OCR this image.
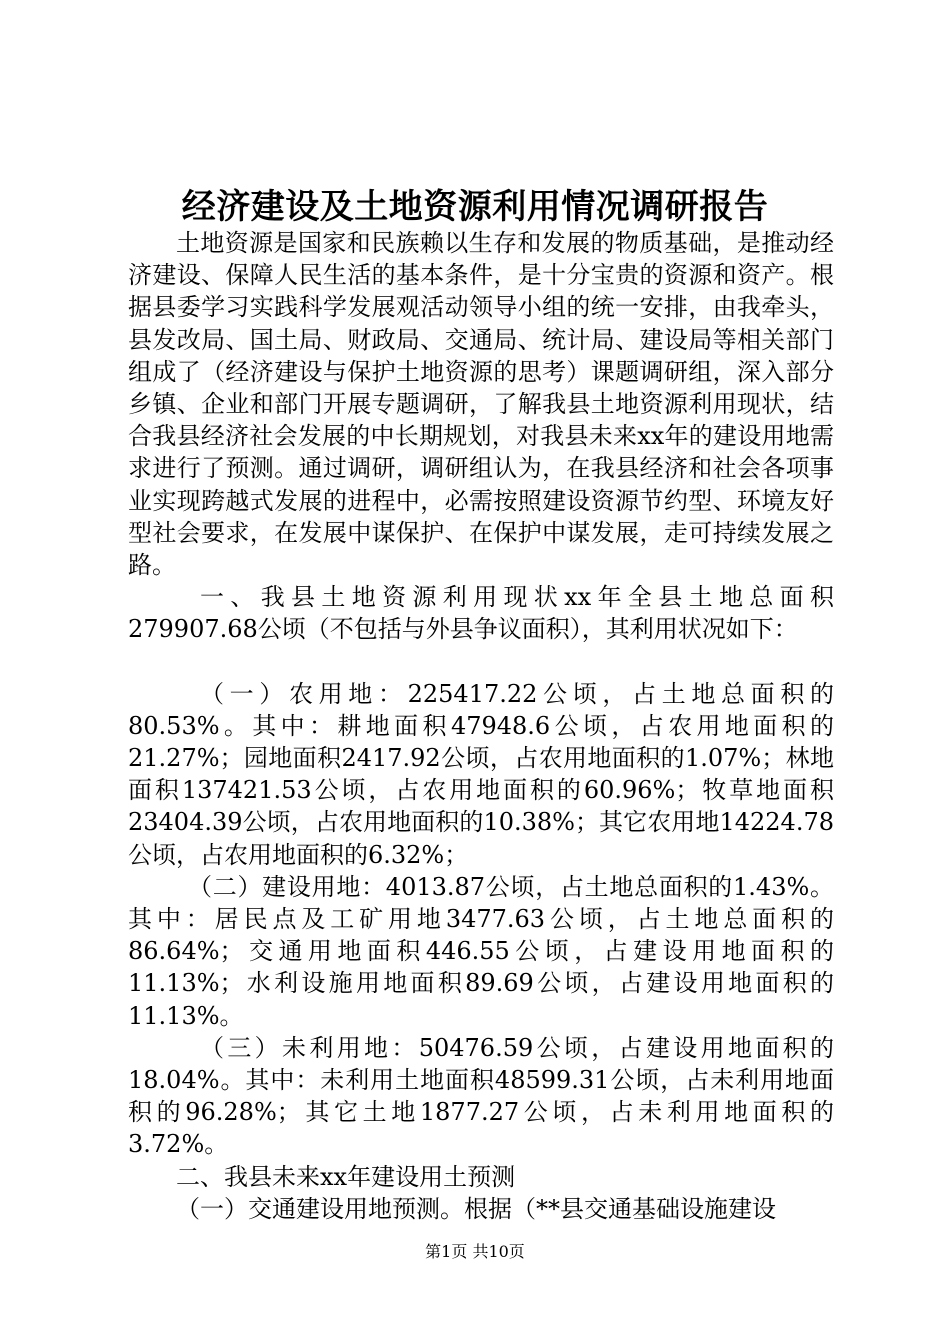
经济建设及土地资源利用情况调研报告

土地资源是国家和民族赖以生存和发展的物质基础，是推动经济建设、保障人民生活的基本条件，是十分宝贵的资源和资产。根据县委学习实践科学发展观活动领导小组的统一安排，由我牵头，县发改局、国土局、财政局、交通局、统计局、建设局等相关部门组成了（经济建设与保护土地资源的思考）课题调研组，深入部分乡镇、企业和部门开展专题调研，了解我县土地资源利用现状，结合我县经济社会发展的中长期规划，对我县未来xx年的建设用地需求进行了预测。通过调研，调研组认为，在我县经济和社会各项事业实现跨越式发展的进程中，必需按照建设资源节约型、环境友好型社会要求，在发展中谋保护、在保护中谋发展，走可持续发展之路。

一、我县土地资源利用现状xx年全县土地总面积279907.68公顷（不包括与外县争议面积），其利用状况如下：

（一）农用地：225417.22公顷，占土地总面积的80.53%。其中：耕地面积47948.6公顷，占农用地面积的21.27%；园地面积2417.92公顷，占农用地面积的1.07%；林地面积137421.53公顷，占农用地面积的60.96%；牧草地面积23404.39公顷，占农用地面积的10.38%；其它农用地14224.78公顷，占农用地面积的6.32%；

（二）建设用地：4013.87公顷，占土地总面积的1.43%。其中：居民点及工矿用地3477.63公顷，占土地总面积的86.64%；交通用地面积446.55公顷，占建设用地面积的11.13%；水利设施用地面积89.69公顷，占建设用地面积的11.13%。

（三）未利用地：50476.59公顷，占建设用地面积的18.04%。其中：未利用土地面积48599.31公顷，占未利用地面积的96.28%；其它土地1877.27公顷，占未利用地面积的3.72%。

二、我县未来xx年建设用土预测

（一）交通建设用地预测。根据（**县交通基础设施建设

第1页 共10页
